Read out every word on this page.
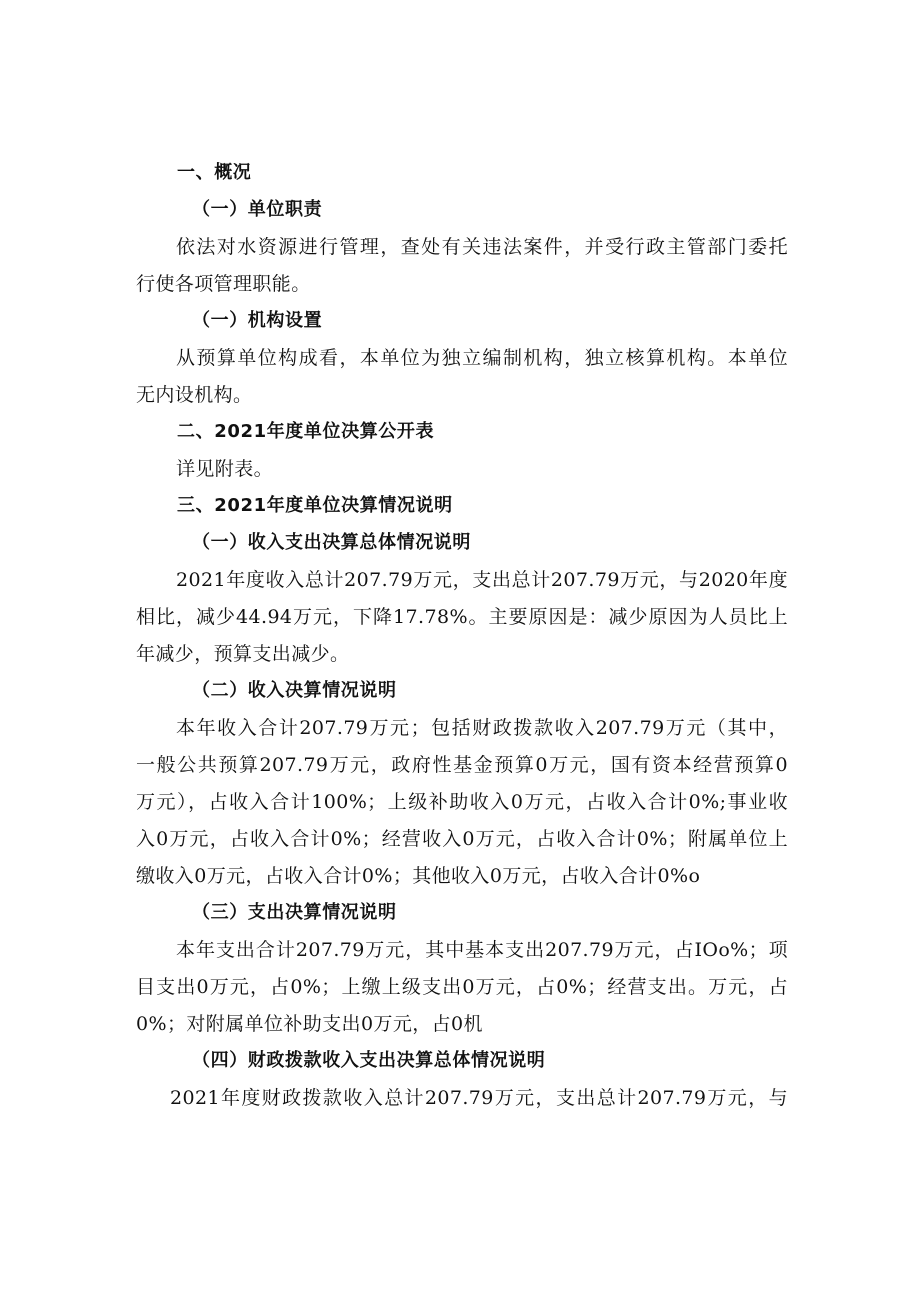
一、概况
（一）单位职责
依法对水资源进行管理，查处有关违法案件，并受行政主管部门委托
行使各项管理职能。
（一）机构设置
从预算单位构成看，本单位为独立编制机构，独立核算机构。本单位
无内设机构。
二、2021年度单位决算公开表
详见附表。
三、2021年度单位决算情况说明
（一）收入支出决算总体情况说明
2021年度收入总计207.79万元，支出总计207.79万元，与2020年度
相比，减少44.94万元，下降17.78%。主要原因是：减少原因为人员比上
年减少，预算支出减少。
（二）收入决算情况说明
本年收入合计207.79万元；包括财政拨款收入207.79万元（其中，
一般公共预算207.79万元，政府性基金预算0万元，国有资本经营预算0
万元），占收入合计100%；上级补助收入0万元，占收入合计0%;事业收
入0万元，占收入合计0%；经营收入0万元，占收入合计0%；附属单位上
缴收入0万元，占收入合计0%；其他收入0万元，占收入合计0%o
（三）支出决算情况说明
本年支出合计207.79万元，其中基本支出207.79万元，占IOo%；项
目支出0万元，占0%；上缴上级支出0万元，占0%；经营支出。万元，占
0%；对附属单位补助支出0万元，占0机
（四）财政拨款收入支出决算总体情况说明
2021年度财政拨款收入总计207.79万元，支出总计207.79万元，与
